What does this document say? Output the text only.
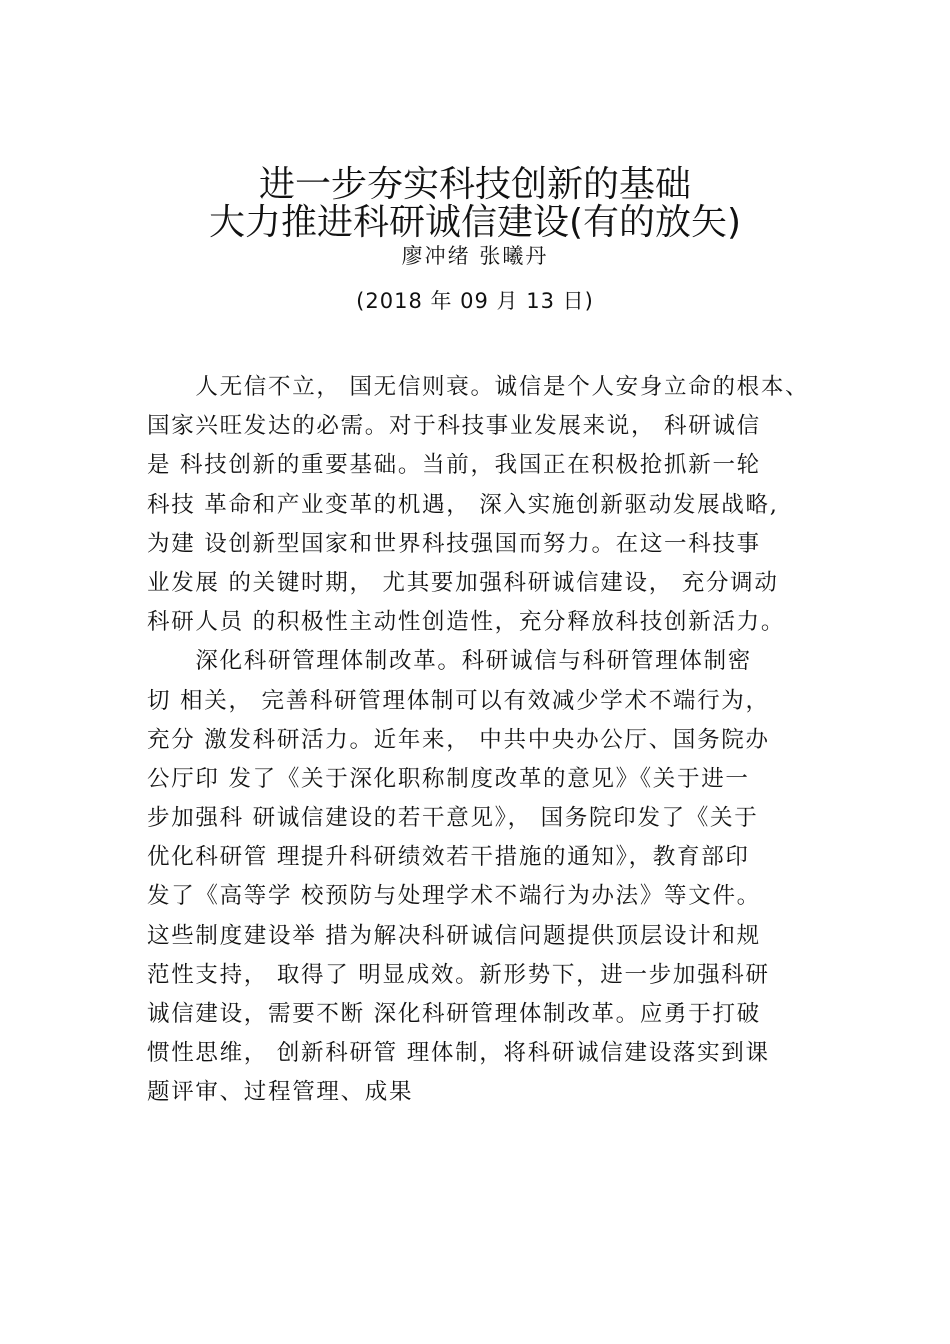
进一步夯实科技创新的基础
大力推进科研诚信建设(有的放矢)
廖冲绪 张曦丹
(2018 年 09 月 13 日)
　　人无信不立， 国无信则衰。诚信是个人安身立命的根本、
国家兴旺发达的必需。对于科技事业发展来说， 科研诚信
是 科技创新的重要基础。当前，我国正在积极抢抓新一轮
科技 革命和产业变革的机遇， 深入实施创新驱动发展战略,
为建 设创新型国家和世界科技强国而努力。在这一科技事
业发展 的关键时期， 尤其要加强科研诚信建设， 充分调动
科研人员 的积极性主动性创造性，充分释放科技创新活力。
　　深化科研管理体制改革。科研诚信与科研管理体制密
切 相关， 完善科研管理体制可以有效减少学术不端行为，
充分 激发科研活力。近年来， 中共中央办公厅、国务院办
公厅印 发了《关于深化职称制度改革的意见》《关于进一
步加强科 研诚信建设的若干意见》， 国务院印发了《关于
优化科研管 理提升科研绩效若干措施的通知》，教育部印
发了《高等学 校预防与处理学术不端行为办法》等文件。
这些制度建设举 措为解决科研诚信问题提供顶层设计和规
范性支持， 取得了 明显成效。新形势下，进一步加强科研
诚信建设，需要不断 深化科研管理体制改革。应勇于打破
惯性思维， 创新科研管 理体制，将科研诚信建设落实到课
题评审、过程管理、成果
